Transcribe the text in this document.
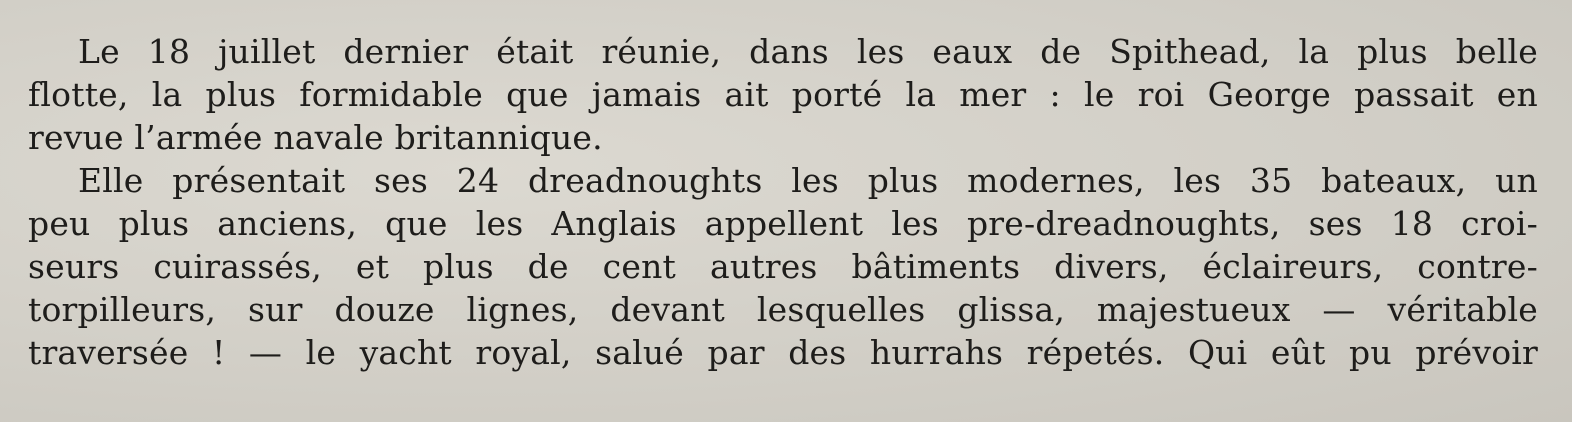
Le 18 juillet dernier était réunie, dans les eaux de Spithead, la plus belle
flotte, la plus formidable que jamais ait porté la mer : le roi George passait en
revue l’armée navale britannique.
Elle présentait ses 24 dreadnoughts les plus modernes, les 35 bateaux, un
peu plus anciens, que les Anglais appellent les pre-dreadnoughts, ses 18 croi-
seurs cuirassés, et plus de cent autres bâtiments divers, éclaireurs, contre-
torpilleurs, sur douze lignes, devant lesquelles glissa, majestueux — véritable
traversée ! — le yacht royal, salué par des hurrahs répetés. Qui eût pu prévoir
